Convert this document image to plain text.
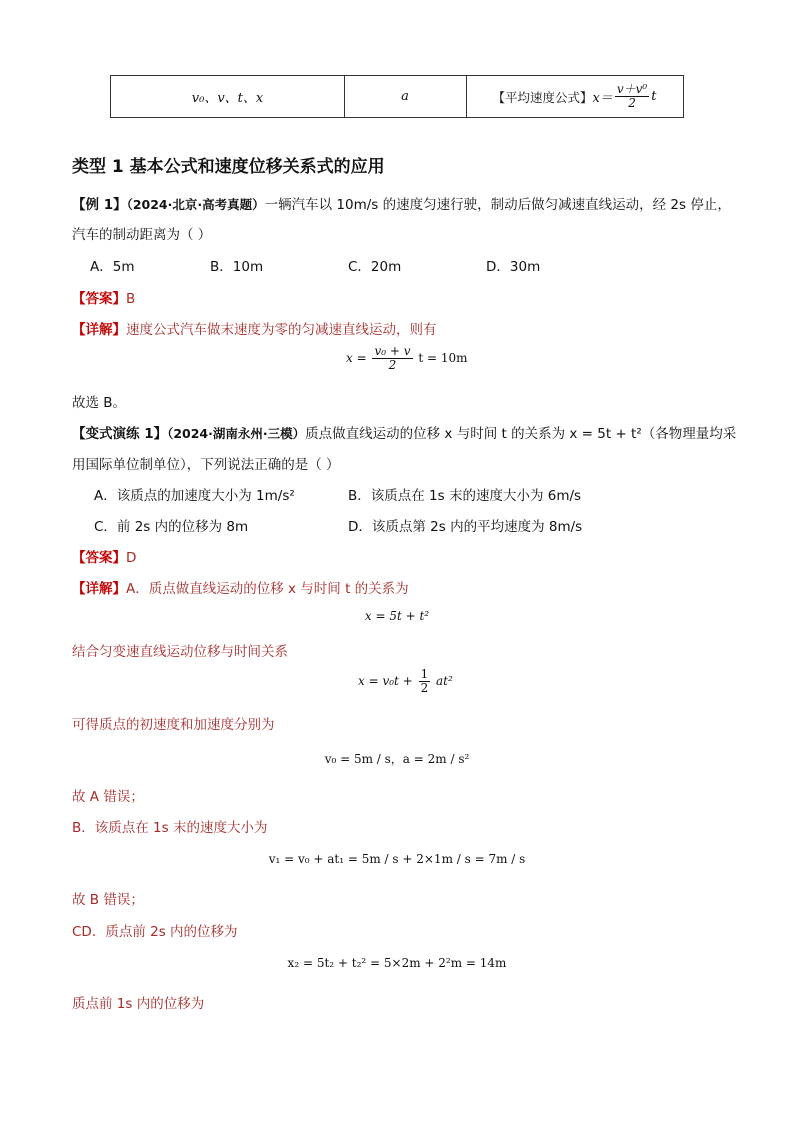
v₀、v、t、x	a	【平均速度公式】 $x= \frac{\text{v＋v⁰}}{2}$ t
类型 1 基本公式和速度位移关系式的应用
【例 1】（2024·北京·高考真题）一辆汽车以 10m/s 的速度匀速行驶，制动后做匀减速直线运动，经 2s 停止，
汽车的制动距离为（ ）
A．5m	B．10m	C．20m	D．30m
【答案】B
【详解】速度公式汽车做末速度为零的匀减速直线运动，则有
$x = \frac{\text{v₀ + v}}{2}$ t = 10m
故选 B。
【变式演练 1】（2024·湖南永州·三模）质点做直线运动的位移 x 与时间 t 的关系为 x = 5t + t²（各物理量均采
用国际单位制单位），下列说法正确的是（ ）
A．该质点的加速度大小为 1m/s²	B．该质点在 1s 末的速度大小为 6m/s
C．前 2s 内的位移为 8m	D．该质点第 2s 内的平均速度为 8m/s
【答案】D
【详解】A．质点做直线运动的位移 x 与时间 t 的关系为
x = 5t + t²
结合匀变速直线运动位移与时间关系
$x = v_0t + \frac{1}{2} at^2$
可得质点的初速度和加速度分别为
v₀ = 5m / s，a = 2m / s²
故 A 错误；
B．该质点在 1s 末的速度大小为
v₁ = v₀ + at₁ = 5m / s + 2×1m / s = 7m / s
故 B 错误；
CD．质点前 2s 内的位移为
x₂ = 5t₂ + t₂² = 5×2m + 2²m = 14m
质点前 1s 内的位移为
